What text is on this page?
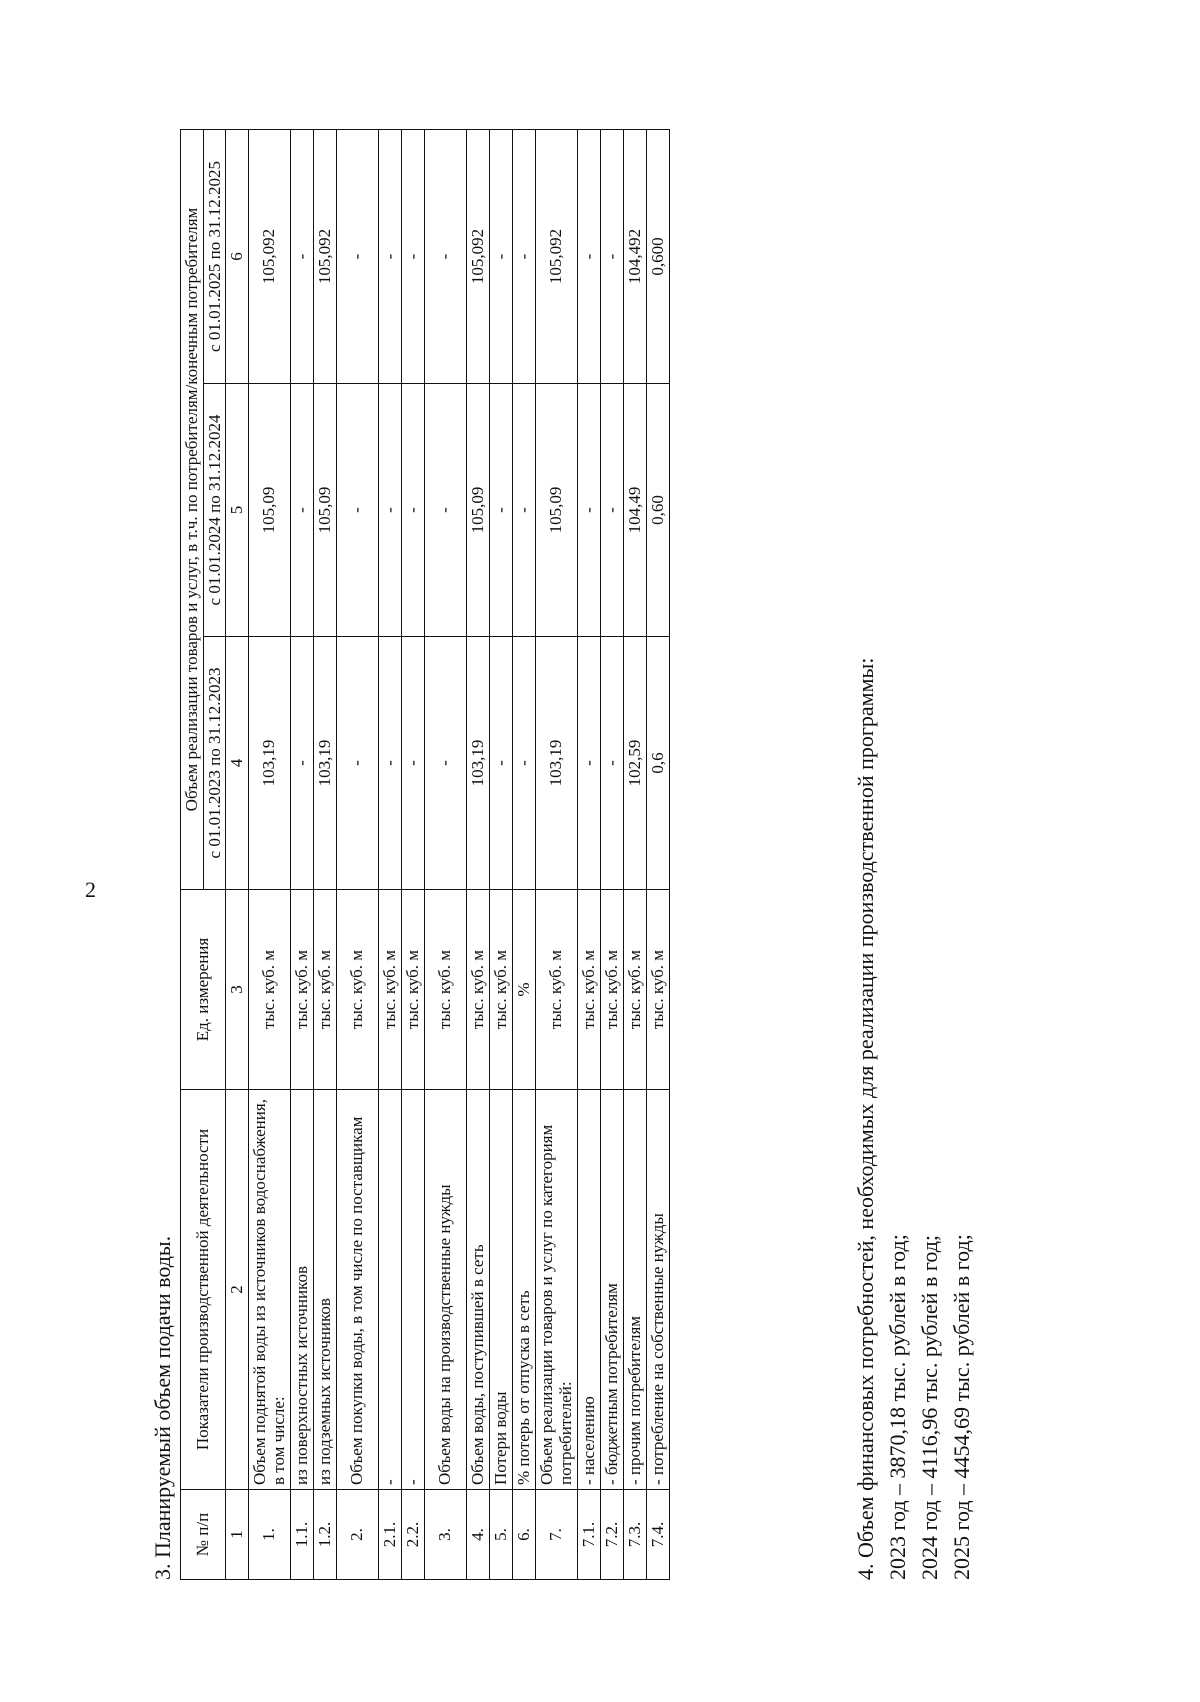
2
3. Планируемый объем подачи воды. № п/п	Показатели производственной деятельности	Ед. измерения	Объем реализации товаров и услуг, в т.ч. по потребителям/конечным потребителям		
			с 01.01.2023 по 31.12.2023	с 01.01.2024 по 31.12.2024	с 01.01.2025 по 31.12.2025
1	2	3	4	5	6
1.	Объем поднятой воды из источников водоснабжения, в том числе:	тыс. куб. м	103,19	105,09	105,092
1.1.	из поверхностных источников	тыс. куб. м	-	-	-
1.2.	из подземных источников	тыс. куб. м	103,19	105,09	105,092
2.	Объем покупки воды, в том числе по поставщикам	тыс. куб. м	-	-	-
2.1.	-	тыс. куб. м	-	-	-
2.2.	-	тыс. куб. м	-	-	-
3.	Объем воды на производственные нужды	тыс. куб. м	-	-	-
4.	Объем воды, поступившей в сеть	тыс. куб. м	103,19	105,09	105,092
5.	Потери воды	тыс. куб. м	-	-	-
6.	% потерь от отпуска в сеть	%	-	-	-
7.	Объем реализации товаров и услуг по категориям потребителей:	тыс. куб. м	103,19	105,09	105,092
7.1.	- населению	тыс. куб. м	-	-	-
7.2.	- бюджетным потребителям	тыс. куб. м	-	-	-
7.3.	- прочим потребителям	тыс. куб. м	102,59	104,49	104,492
7.4.	- потребление на собственные нужды	тыс. куб. м	0,6	0,60	0,600
4. Объем финансовых потребностей, необходимых для реализации производственной программы: 2023 год – 3870,18 тыс. рублей в год; 2024 год – 4116,96 тыс. рублей в год; 2025 год – 4454,69 тыс. рублей в год;
